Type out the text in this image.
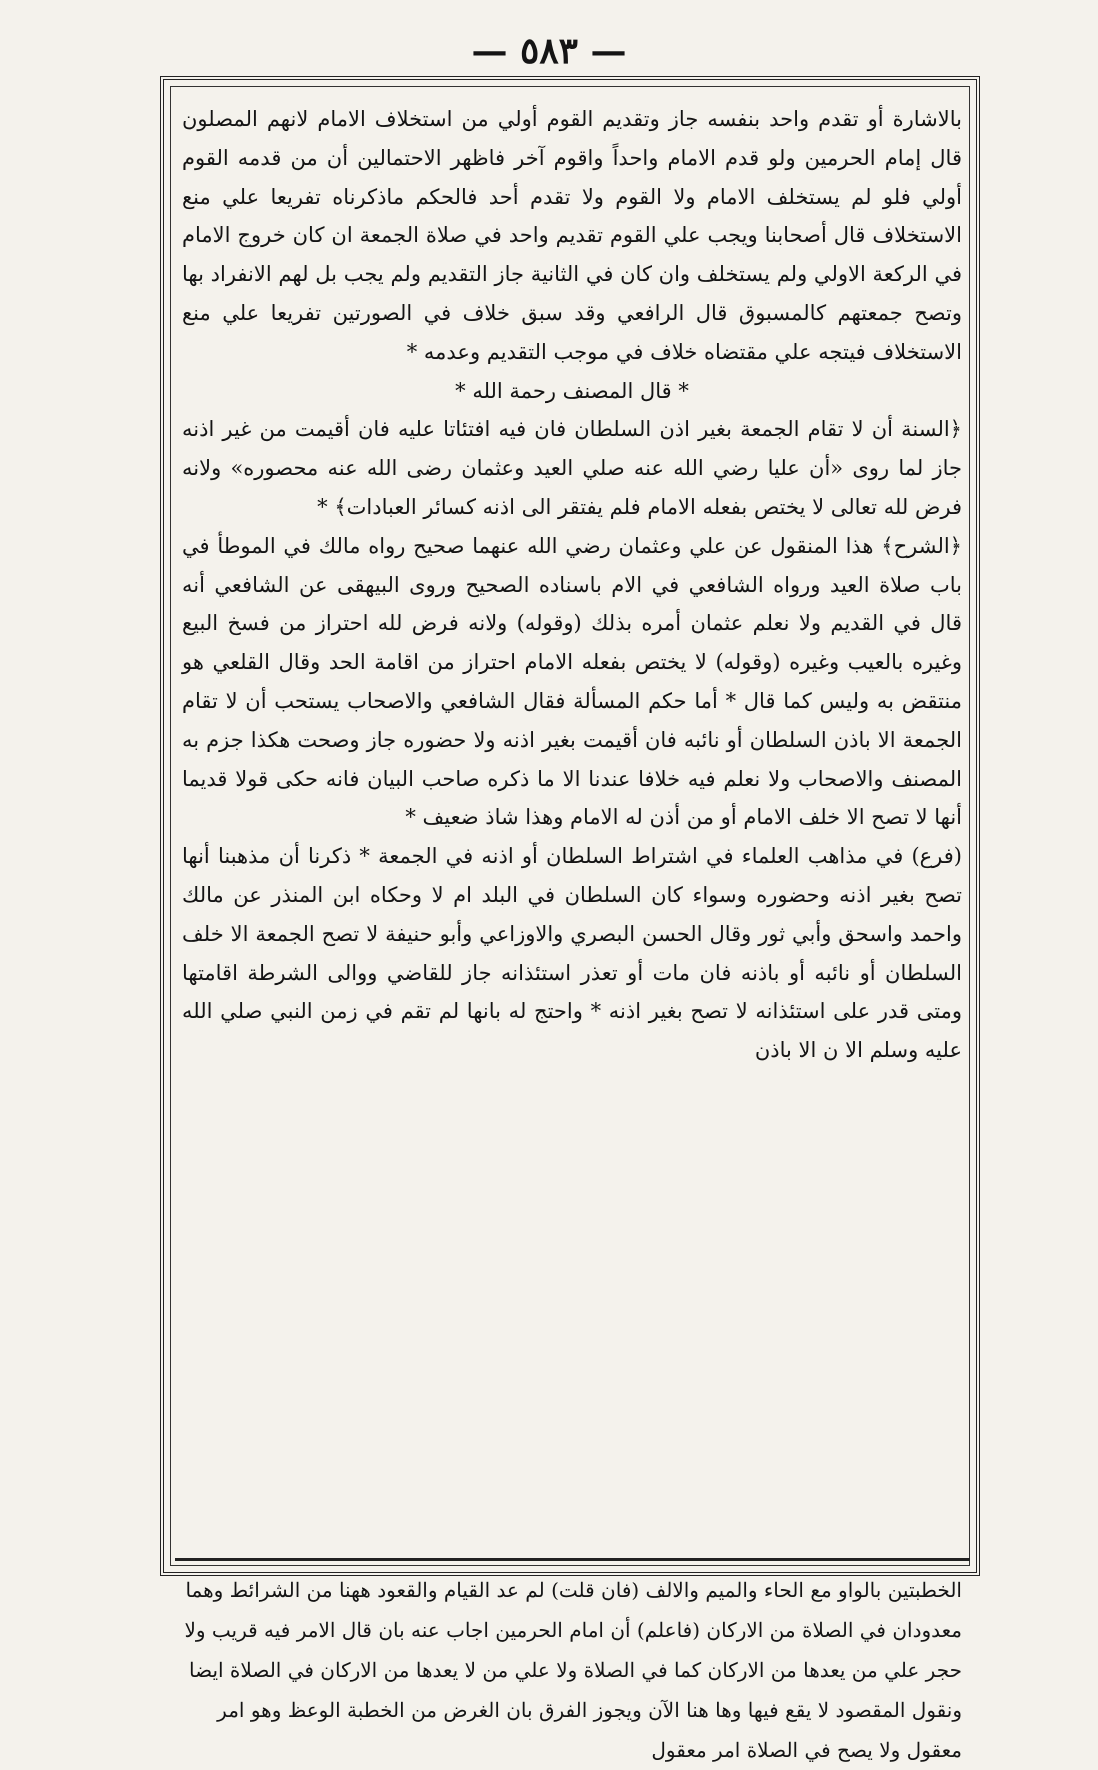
— ٥٨٣ —

بالاشارة أو تقدم واحد بنفسه جاز وتقديم القوم أولي من استخلاف الامام لانهم المصلون قال إمام الحرمين ولو قدم الامام واحداً واقوم آخر فاظهر الاحتمالين أن من قدمه القوم أولي فلو لم يستخلف الامام ولا القوم ولا تقدم أحد فالحكم ماذكرناه تفريعا علي منع الاستخلاف قال أصحابنا ويجب علي القوم تقديم واحد في صلاة الجمعة ان كان خروج الامام في الركعة الاولي ولم يستخلف وان كان في الثانية جاز التقديم ولم يجب بل لهم الانفراد بها وتصح جمعتهم كالمسبوق قال الرافعي وقد سبق خلاف في الصورتين تفريعا علي منع الاستخلاف فيتجه علي مقتضاه خلاف في موجب التقديم وعدمه *

* قال المصنف رحمة الله *

﴿السنة أن لا تقام الجمعة بغير اذن السلطان فان فيه افتئاتا عليه فان أقيمت من غير اذنه جاز لما روى «أن عليا رضي الله عنه صلي العيد وعثمان رضى الله عنه محصوره» ولانه فرض لله تعالى لا يختص بفعله الامام فلم يفتقر الى اذنه كسائر العبادات﴾ *

﴿الشرح﴾ هذا المنقول عن علي وعثمان رضي الله عنهما صحيح رواه مالك في الموطأ في باب صلاة العيد ورواه الشافعي في الام باسناده الصحيح وروى البيهقى عن الشافعي أنه قال في القديم ولا نعلم عثمان أمره بذلك (وقوله) ولانه فرض لله احتراز من فسخ البيع وغيره بالعيب وغيره (وقوله) لا يختص بفعله الامام احتراز من اقامة الحد وقال القلعي هو منتقض به وليس كما قال * أما حكم المسألة فقال الشافعي والاصحاب يستحب أن لا تقام الجمعة الا باذن السلطان أو نائبه فان أقيمت بغير اذنه ولا حضوره جاز وصحت هكذا جزم به المصنف والاصحاب ولا نعلم فيه خلافا عندنا الا ما ذكره صاحب البيان فانه حكى قولا قديما أنها لا تصح الا خلف الامام أو من أذن له الامام وهذا شاذ ضعيف *

(فرع) في مذاهب العلماء في اشتراط السلطان أو اذنه في الجمعة * ذكرنا أن مذهبنا أنها تصح بغير اذنه وحضوره وسواء كان السلطان في البلد ام لا وحكاه ابن المنذر عن مالك واحمد واسحق وأبي ثور وقال الحسن البصري والاوزاعي وأبو حنيفة لا تصح الجمعة الا خلف السلطان أو نائبه أو باذنه فان مات أو تعذر استئذانه جاز للقاضي ووالى الشرطة اقامتها ومتى قدر على استئذانه لا تصح بغير اذنه * واحتج له بانها لم تقم في زمن النبي صلي الله عليه وسلم الا ن الا باذن

الخطبتين بالواو مع الحاء والميم والالف (فان قلت) لم عد القيام والقعود ههنا من الشرائط وهما معدودان في الصلاة من الاركان (فاعلم) أن امام الحرمين اجاب عنه بان قال الامر فيه قريب ولا حجر علي من يعدها من الاركان كما في الصلاة ولا علي من لا يعدها من الاركان في الصلاة ايضا ونقول المقصود لا يقع فيها وها هنا الآن ويجوز الفرق بان الغرض من الخطبة الوعظ وهو امر معقول ولا يصح في الصلاة امر معقول
